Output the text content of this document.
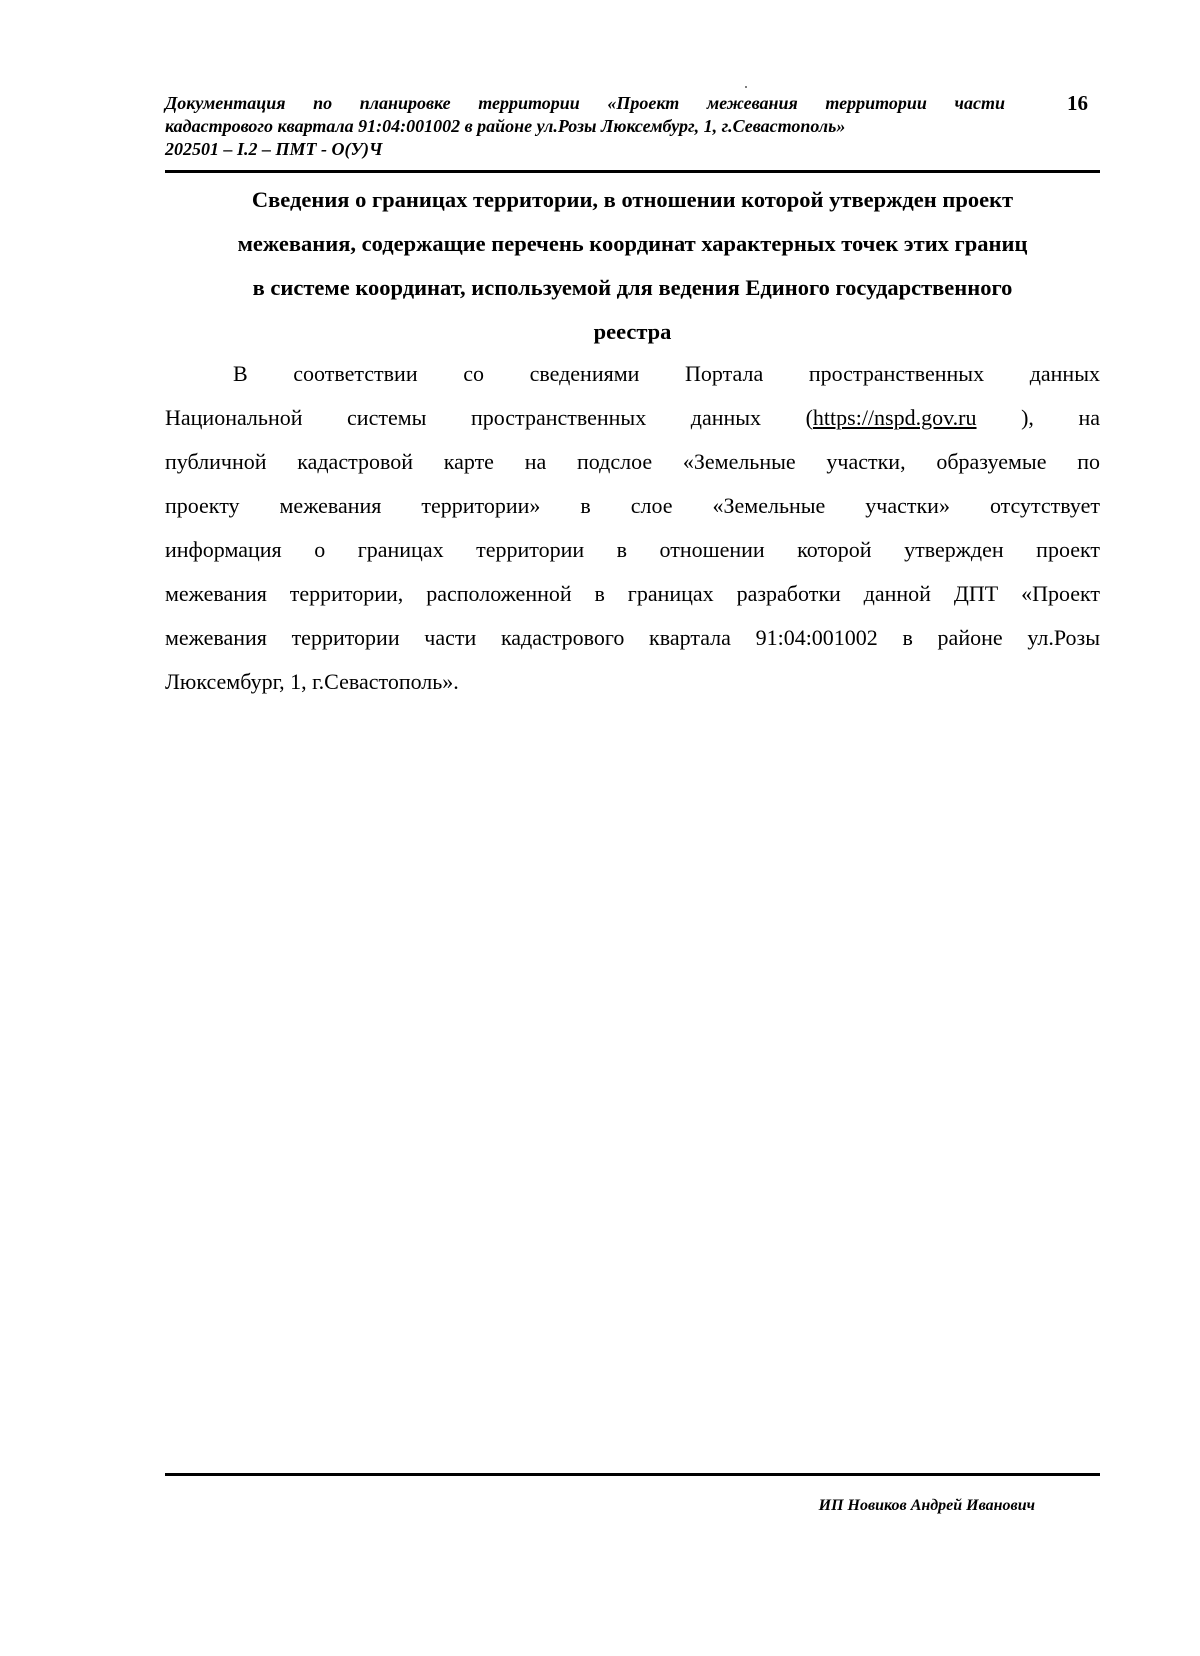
Документация по планировке территории «Проект межевания территории части
кадастрового квартала 91:04:001002 в районе ул.Розы Люксембург, 1, г.Севастополь»
202501 – I.2 – ПМТ - О(У)Ч
16
Сведения о границах территории, в отношении которой утвержден проект
межевания, содержащие перечень координат характерных точек этих границ
в системе координат, используемой для ведения Единого государственного
реестра
В соответствии со сведениями Портала пространственных данных
Национальной системы пространственных данных (https://nspd.gov.ru ), на
публичной кадастровой карте на подслое «Земельные участки, образуемые по
проекту межевания территории» в слое «Земельные участки» отсутствует
информация о границах территории в отношении которой утвержден проект
межевания территории, расположенной в границах разработки данной ДПТ «Проект
межевания территории части кадастрового квартала 91:04:001002 в районе ул.Розы
Люксембург, 1, г.Севастополь».
ИП Новиков Андрей Иванович
